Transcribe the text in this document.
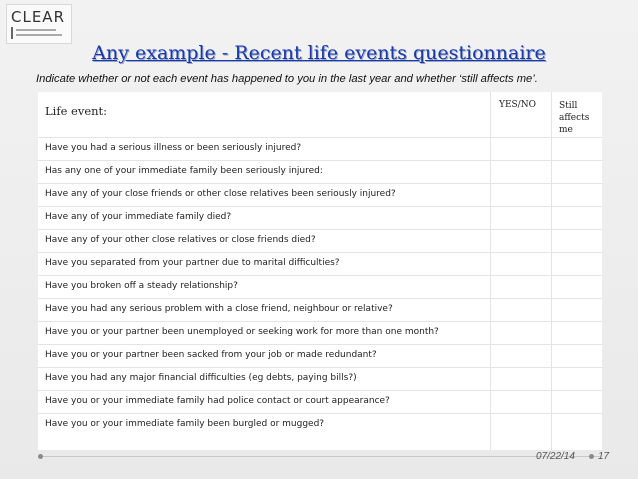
CLEAR
Any example - Recent life events questionnaire
Indicate whether or not each event has happened to you in the last year and whether ‘still affects me’.
Life event:	YES/NO	Still affects me
Have you had a serious illness or been seriously injured?
Has any one of your immediate family been seriously injured:
Have any of your close friends or other close relatives been seriously injured?
Have any of your immediate family died?
Have any of your other close relatives or close friends died?
Have you separated from your partner due to marital difficulties?
Have you broken off a steady relationship?
Have you had any serious problem with a close friend, neighbour or relative?
Have you or your partner been unemployed or seeking work for more than one month?
Have you or your partner been sacked from your job or made redundant?
Have you had any major financial difficulties (eg debts, paying bills?)
Have you or your immediate family had police contact or court appearance?
Have you or your immediate family been burgled or mugged?
07/22/14 17
